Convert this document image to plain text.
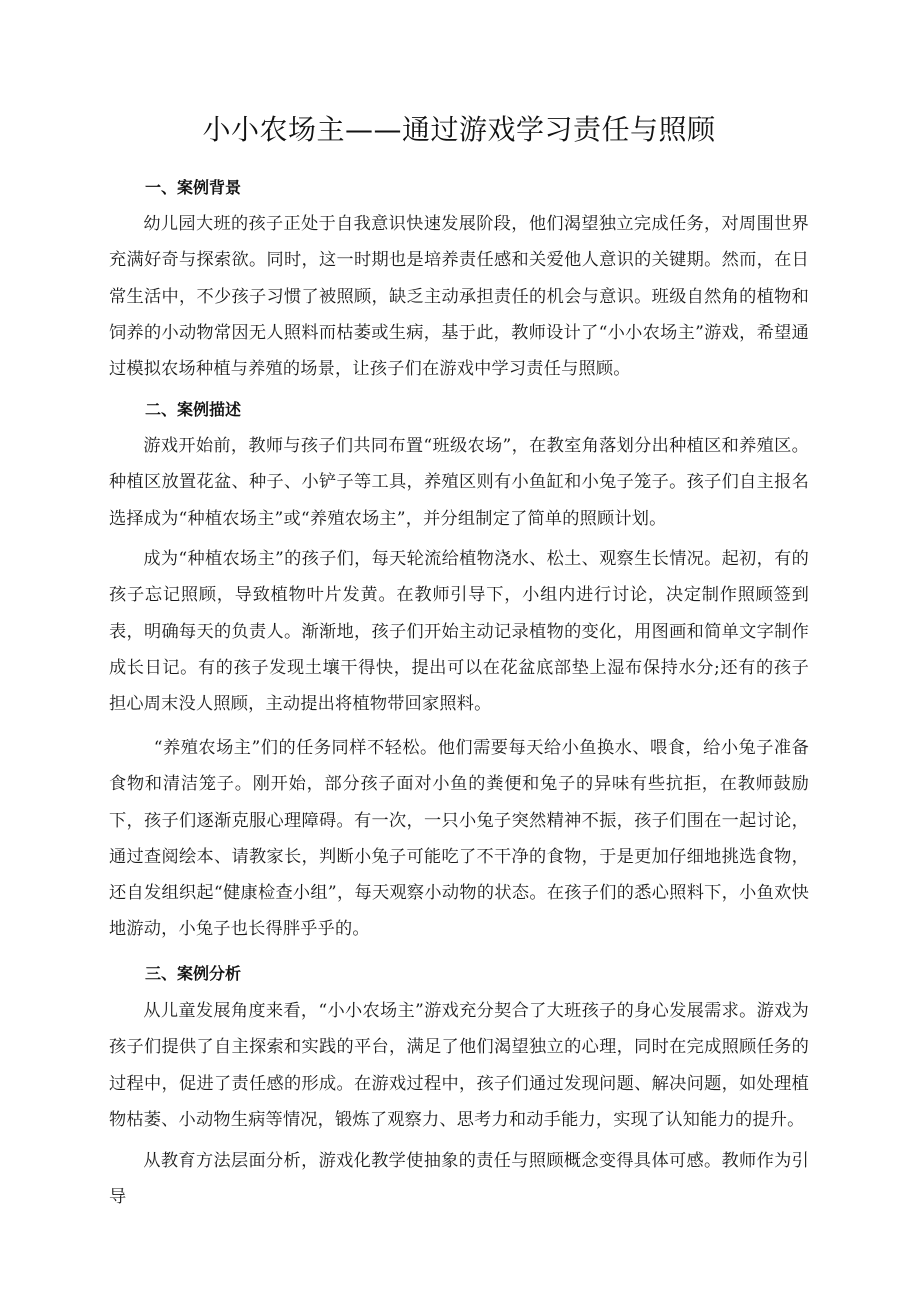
小小农场主——通过游戏学习责任与照顾
一、案例背景

幼儿园大班的孩子正处于自我意识快速发展阶段，他们渴望独立完成任务，对周围世界充满好奇与探索欲。同时，这一时期也是培养责任感和关爱他人意识的关键期。然而，在日常生活中，不少孩子习惯了被照顾，缺乏主动承担责任的机会与意识。班级自然角的植物和饲养的小动物常因无人照料而枯萎或生病，基于此，教师设计了“小小农场主”游戏，希望通过模拟农场种植与养殖的场景，让孩子们在游戏中学习责任与照顾。

二、案例描述

游戏开始前，教师与孩子们共同布置“班级农场”，在教室角落划分出种植区和养殖区。种植区放置花盆、种子、小铲子等工具，养殖区则有小鱼缸和小兔子笼子。孩子们自主报名选择成为“种植农场主”或“养殖农场主”，并分组制定了简单的照顾计划。

成为“种植农场主”的孩子们，每天轮流给植物浇水、松土、观察生长情况。起初，有的孩子忘记照顾，导致植物叶片发黄。在教师引导下，小组内进行讨论，决定制作照顾签到表，明确每天的负责人。渐渐地，孩子们开始主动记录植物的变化，用图画和简单文字制作成长日记。有的孩子发现土壤干得快，提出可以在花盆底部垫上湿布保持水分;还有的孩子担心周末没人照顾，主动提出将植物带回家照料。

“养殖农场主”们的任务同样不轻松。他们需要每天给小鱼换水、喂食，给小兔子准备食物和清洁笼子。刚开始，部分孩子面对小鱼的粪便和兔子的异味有些抗拒，在教师鼓励下，孩子们逐渐克服心理障碍。有一次，一只小兔子突然精神不振，孩子们围在一起讨论，通过查阅绘本、请教家长，判断小兔子可能吃了不干净的食物，于是更加仔细地挑选食物，还自发组织起“健康检查小组”，每天观察小动物的状态。在孩子们的悉心照料下，小鱼欢快地游动，小兔子也长得胖乎乎的。

三、案例分析

从儿童发展角度来看，“小小农场主”游戏充分契合了大班孩子的身心发展需求。游戏为孩子们提供了自主探索和实践的平台，满足了他们渴望独立的心理，同时在完成照顾任务的过程中，促进了责任感的形成。在游戏过程中，孩子们通过发现问题、解决问题，如处理植物枯萎、小动物生病等情况，锻炼了观察力、思考力和动手能力，实现了认知能力的提升。

从教育方法层面分析，游戏化教学使抽象的责任与照顾概念变得具体可感。教师作为引导
